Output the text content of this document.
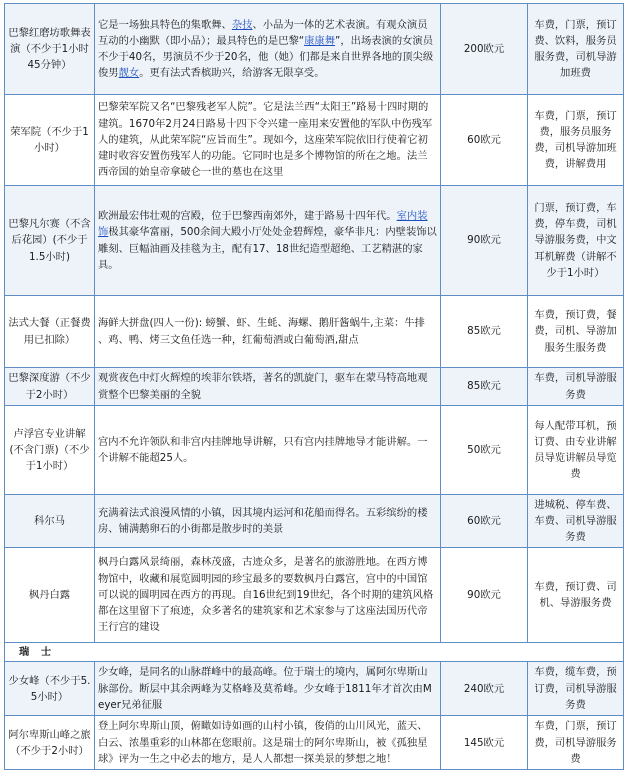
巴黎红磨坊歌舞表演（不少于1小时45分钟）	它是一场独具特色的集歌舞、杂技、小品为一体的艺术表演。有观众演员互动的小幽默（即小品）；最具特色的是巴黎“康康舞”，出场表演的女演员不少于40名，男演员不少于20名，他（她）们都是来自世界各地的顶尖级俊男靓女。更有法式香槟助兴，给游客无限享受。	200欧元	车费，门票，预订费、饮料，服务员服务费，司机导游加班费
荣军院（不少于1小时）	巴黎荣军院又名“巴黎残老军人院”。它是法兰西“太阳王”路易十四时期的建筑。1670年2月24日路易十四下令兴建一座用来安置他的军队中伤残军人的建筑，从此荣军院“应旨而生”。现如今，这座荣军院依旧行使着它初建时收容安置伤残军人的功能。它同时也是多个博物馆的所在之地。法兰西帝国的始皇帝拿破仑一世的墓也在这里	60欧元	车费，门票，预订费，服务员服务费，司机导游加班费，讲解费用
巴黎凡尔赛（不含后花园）(不少于1.5小时)	欧洲最宏伟壮观的宫殿，位于巴黎西南郊外，建于路易十四年代。室内装饰极其豪华富丽，500余间大殿小厅处处金碧辉煌，豪华非凡：内壁装饰以雕刻、巨幅油画及挂毯为主，配有17、18世纪造型超绝、工艺精湛的家具。	90欧元	门票，预订费，车费，停车费，司机导游服务费，中文耳机解费（讲解不少于1小时）
法式大餐（正餐费用已扣除）	海鲜大拼盘(四人一份): 螃蟹、虾、生蚝、海螺、鹅肝酱蜗牛,主菜：牛排 、鸡、鸭、烤三文鱼任选一种，红葡萄酒或白葡萄酒,甜点	85欧元	车费，预订费，餐费，司机、导游加服务生服务费
巴黎深度游（不少于2小时）	观赏夜色中灯火辉煌的埃菲尔铁塔，著名的凯旋门，驱车在蒙马特高地观赏整个巴黎美丽的全貌	85欧元	车费，司机导游服务费
卢浮宫专业讲解(不含门票)（不少于1小时）	宫内不允许领队和非宫内挂牌地导讲解，只有宫内挂牌地导才能讲解。一个讲解不能超25人。	50欧元	每人配带耳机，预订费、由专业讲解员导览讲解员导览费
科尔马	充满着法式浪漫风情的小镇，因其境内运河和花船而得名。五彩缤纷的楼房、铺满鹅卵石的小街都是散步时的美景	60欧元	进城税、停车费、车费、司机导游服务费
枫丹白露	枫丹白露风景绮丽，森林茂盛，古迹众多，是著名的旅游胜地。在西方博物馆中，收藏和展览圆明园的珍宝最多的要数枫丹白露宫，宫中的中国馆可以说的圆明园在西方的再现。自16世纪到19世纪，各个时期的建筑风格都在这里留下了痕迹，众多著名的建筑家和艺术家参与了这座法国历代帝王行宫的建设	90欧元	车费，预订费、司机、导游服务费
瑞 士			
少女峰（不少于5.5小时）	少女峰，是同名的山脉群峰中的最高峰。位于瑞士的境内，属阿尔卑斯山脉部份。断层中其余两峰为艾格峰及莫希峰。少女峰于1811年才首次由Meyer兄弟征服	240欧元	车费，缆车费，预订费，司机导游服务费
阿尔卑斯山峰之旅（不少于2小时）	登上阿尔卑斯山顶，俯瞰如诗如画的山村小镇，俊俏的山川风光，蓝天、白云、浓墨重彩的山林都在您眼前。这是瑞士的阿尔卑斯山，被《孤独星球》评为一生之中必去的地方，是人人都想一探美景的梦想之地！	145欧元	车费，门票，预订费，司机导游服务费
